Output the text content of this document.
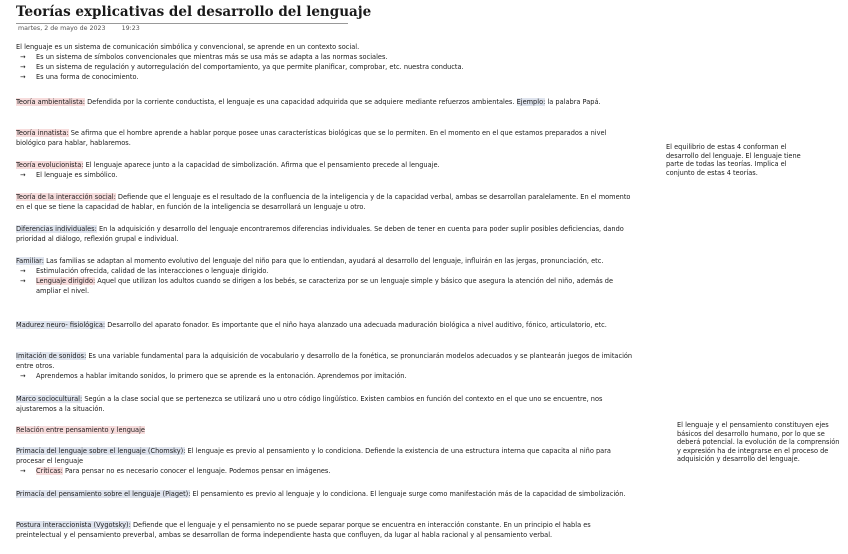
Teorías explicativas del desarrollo del lenguaje
martes, 2 de mayo de 2023	19:23
El lenguaje es un sistema de comunicación simbólica y convencional, se aprende en un contexto social.
→ Es un sistema de símbolos convencionales que mientras más se usa más se adapta a las normas sociales.
→ Es un sistema de regulación y autorregulación del comportamiento, ya que permite planificar, comprobar, etc. nuestra conducta.
→ Es una forma de conocimiento.
Teoría ambientalista: Defendida por la corriente conductista, el lenguaje es una capacidad adquirida que se adquiere mediante refuerzos ambientales. Ejemplo: la palabra Papá.
Teoría innatista: Se afirma que el hombre aprende a hablar porque posee unas características biológicas que se lo permiten. En el momento en el que estamos preparados a nivel biológico para hablar, hablaremos.
Teoría evolucionista: El lenguaje aparece junto a la capacidad de simbolización. Afirma que el pensamiento precede al lenguaje.
→ El lenguaje es simbólico.
Teoría de la interacción social: Defiende que el lenguaje es el resultado de la confluencia de la inteligencia y de la capacidad verbal, ambas se desarrollan paralelamente. En el momento en el que se tiene la capacidad de hablar, en función de la inteligencia se desarrollará un lenguaje u otro.
Diferencias individuales: En la adquisición y desarrollo del lenguaje encontraremos diferencias individuales. Se deben de tener en cuenta para poder suplir posibles deficiencias, dando prioridad al diálogo, reflexión grupal e individual.
Familiar: Las familias se adaptan al momento evolutivo del lenguaje del niño para que lo entiendan, ayudará al desarrollo del lenguaje, influirán en las jergas, pronunciación, etc.
→ Estimulación ofrecida, calidad de las interacciones o lenguaje dirigido.
→ Lenguaje dirigido: Aquel que utilizan los adultos cuando se dirigen a los bebés, se caracteriza por se un lenguaje simple y básico que asegura la atención del niño, además de ampliar el nivel.
Madurez neuro- fisiológica: Desarrollo del aparato fonador. Es importante que el niño haya alanzado una adecuada maduración biológica a nivel auditivo, fónico, articulatorio, etc.
Imitación de sonidos: Es una variable fundamental para la adquisición de vocabulario y desarrollo de la fonética, se pronunciarán modelos adecuados y se plantearán juegos de imitación entre otros.
→ Aprendemos a hablar imitando sonidos, lo primero que se aprende es la entonación. Aprendemos por imitación.
Marco sociocultural: Según a la clase social que se pertenezca se utilizará uno u otro código lingüístico. Existen cambios en función del contexto en el que uno se encuentre, nos ajustaremos a la situación.
Relación entre pensamiento y lenguaje
Primacía del lenguaje sobre el lenguaje (Chomsky): El lenguaje es previo al pensamiento y lo condiciona. Defiende la existencia de una estructura interna que capacita al niño para procesar el lenguaje
→ Críticas: Para pensar no es necesario conocer el lenguaje. Podemos pensar en imágenes.
Primacía del pensamiento sobre el lenguaje (Piaget): El pensamiento es previo al lenguaje y lo condiciona. El lenguaje surge como manifestación más de la capacidad de simbolización.
Postura interaccionista (Vygotsky): Defiende que el lenguaje y el pensamiento no se puede separar porque se encuentra en interacción constante. En un principio el habla es preintelectual y el pensamiento preverbal, ambas se desarrollan de forma independiente hasta que confluyen, da lugar al habla racional y al pensamiento verbal.
El equilibrio de estas 4 conforman el desarrollo del lenguaje. El lenguaje tiene parte de todas las teorías. Implica el conjunto de estas 4 teorías.
El lenguaje y el pensamiento constituyen ejes básicos del desarrollo humano, por lo que se deberá potencial. la evolución de la comprensión y expresión ha de integrarse en el proceso de adquisición y desarrollo del lenguaje.
